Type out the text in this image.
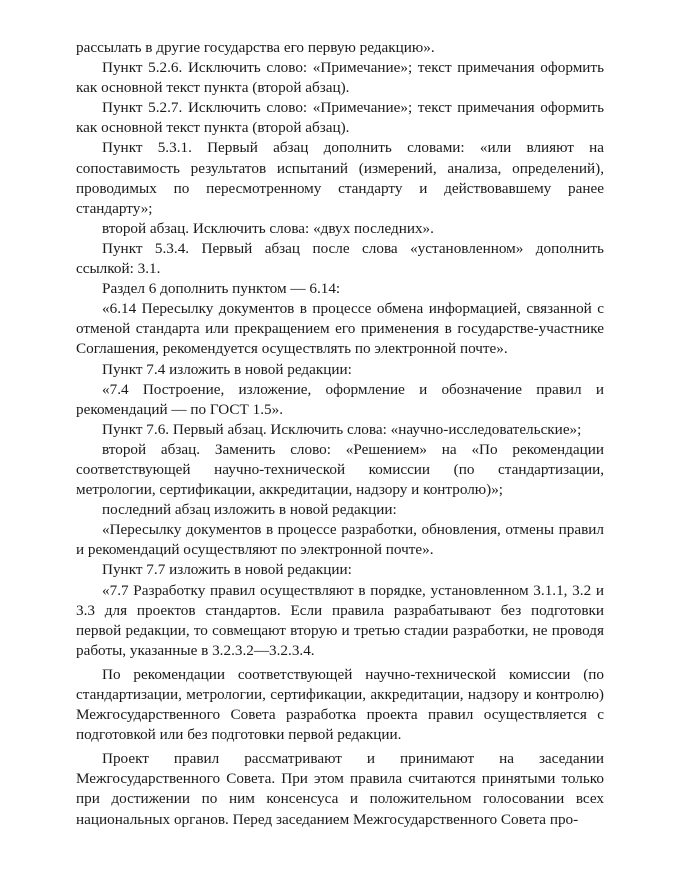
рассылать в другие государства его первую редакцию».

Пункт 5.2.6. Исключить слово: «Примечание»; текст примечания оформить как основной текст пункта (второй абзац).

Пункт 5.2.7. Исключить слово: «Примечание»; текст примечания оформить как основной текст пункта (второй абзац).

Пункт 5.3.1. Первый абзац дополнить словами: «или влияют на сопоставимость результатов испытаний (измерений, анализа, определений), проводимых по пересмотренному стандарту и действовавшему ранее стандарту»;

второй абзац. Исключить слова: «двух последних».

Пункт 5.3.4. Первый абзац после слова «установленном» дополнить ссылкой: 3.1.

Раздел 6 дополнить пунктом — 6.14:

«6.14 Пересылку документов в процессе обмена информацией, связанной с отменой стандарта или прекращением его применения в государстве-участнике Соглашения, рекомендуется осуществлять по электронной почте».

Пункт 7.4 изложить в новой редакции:

«7.4 Построение, изложение, оформление и обозначение правил и рекомендаций — по ГОСТ 1.5».

Пункт 7.6. Первый абзац. Исключить слова: «научно-исследовательские»;

второй абзац. Заменить слово: «Решением» на «По рекомендации соответствующей научно-технической комиссии (по стандартизации, метрологии, сертификации, аккредитации, надзору и контролю)»;

последний абзац изложить в новой редакции:

«Пересылку документов в процессе разработки, обновления, отмены правил и рекомендаций осуществляют по электронной почте».

Пункт 7.7 изложить в новой редакции:

«7.7 Разработку правил осуществляют в порядке, установленном 3.1.1, 3.2 и 3.3 для проектов стандартов. Если правила разрабатывают без подготовки первой редакции, то совмещают вторую и третью стадии разработки, не проводя работы, указанные в 3.2.3.2—3.2.3.4.

По рекомендации соответствующей научно-технической комиссии (по стандартизации, метрологии, сертификации, аккредитации, надзору и контролю) Межгосударственного Совета разработка проекта правил осуществляется с подготовкой или без подготовки первой редакции.

Проект правил рассматривают и принимают на заседании Межгосударственного Совета. При этом правила считаются принятыми только при достижении по ним консенсуса и положительном голосовании всех национальных органов. Перед заседанием Межгосударственного Совета про-
